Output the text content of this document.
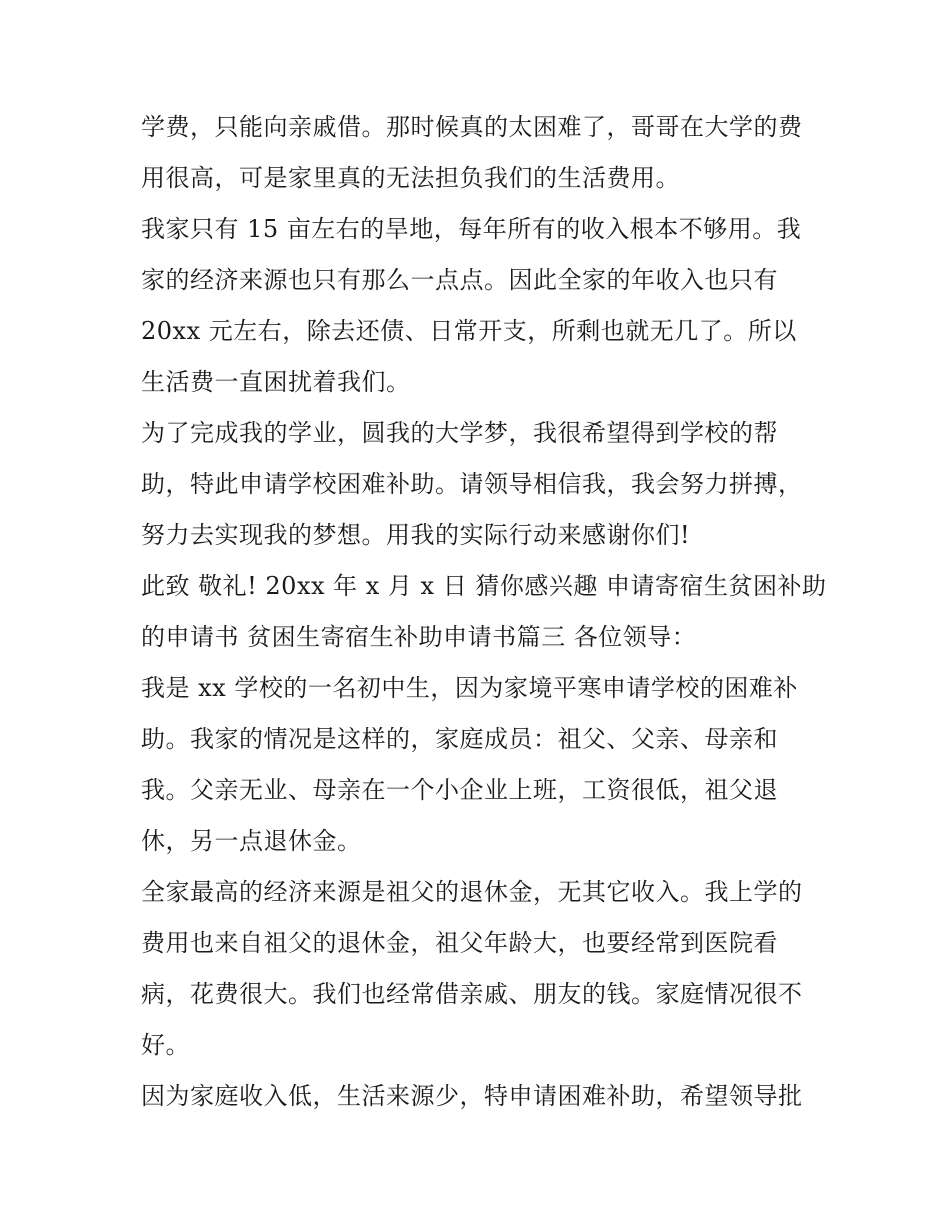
学费，只能向亲戚借。那时候真的太困难了，哥哥在大学的费
用很高，可是家里真的无法担负我们的生活费用。
我家只有 15 亩左右的旱地，每年所有的收入根本不够用。我
家的经济来源也只有那么一点点。因此全家的年收入也只有
20xx 元左右，除去还债、日常开支，所剩也就无几了。所以
生活费一直困扰着我们。
为了完成我的学业，圆我的大学梦，我很希望得到学校的帮
助，特此申请学校困难补助。请领导相信我，我会努力拼搏，
努力去实现我的梦想。用我的实际行动来感谢你们!
此致 敬礼! 20xx 年 x 月 x 日 猜你感兴趣 申请寄宿生贫困补助
的申请书 贫困生寄宿生补助申请书篇三 各位领导：
我是 xx 学校的一名初中生，因为家境平寒申请学校的困难补
助。我家的情况是这样的，家庭成员：祖父、父亲、母亲和
我。父亲无业、母亲在一个小企业上班，工资很低，祖父退
休，另一点退休金。
全家最高的经济来源是祖父的退休金，无其它收入。我上学的
费用也来自祖父的退休金，祖父年龄大，也要经常到医院看
病，花费很大。我们也经常借亲戚、朋友的钱。家庭情况很不
好。
因为家庭收入低，生活来源少，特申请困难补助，希望领导批
